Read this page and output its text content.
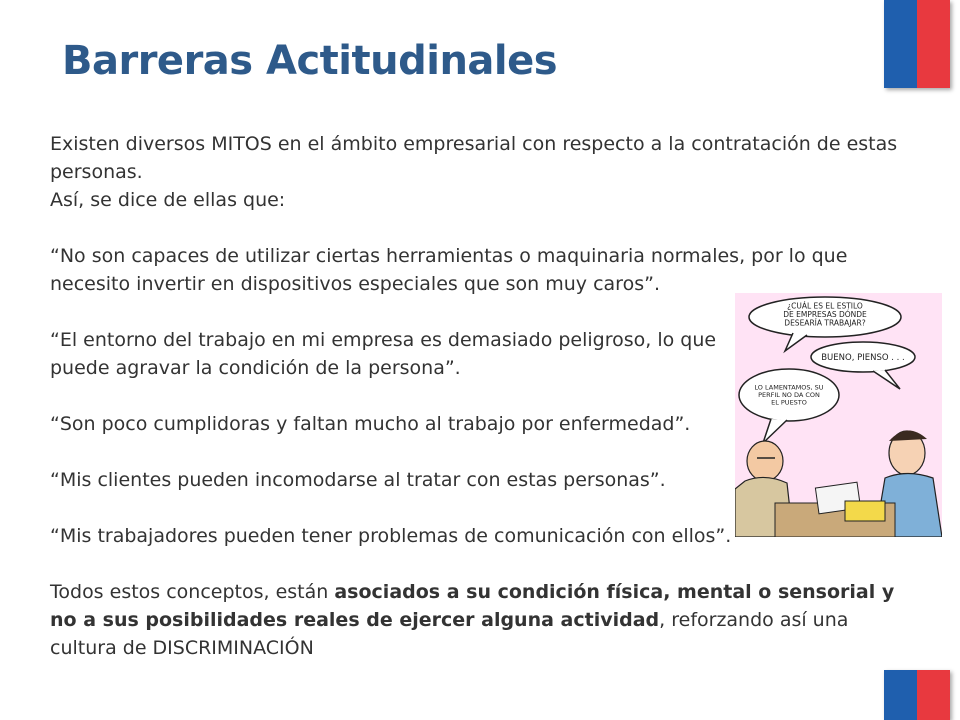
Barreras Actitudinales

Existen diversos MITOS en el ámbito empresarial con respecto a la contratación de estas personas.

Así, se dice de ellas que:

“No son capaces de utilizar ciertas herramientas o maquinaria normales, por lo que necesito invertir en dispositivos especiales que son muy caros”.

“El entorno del trabajo en mi empresa es demasiado peligroso, lo que
puede agravar la condición de la persona”.

“Son poco cumplidoras y faltan mucho al trabajo por enfermedad”.

“Mis clientes pueden incomodarse al tratar con estas personas”.

“Mis trabajadores pueden tener problemas de comunicación con ellos”.

Todos estos conceptos, están asociados a su condición física, mental o sensorial y no a sus posibilidades reales de ejercer alguna actividad, reforzando así una cultura de DISCRIMINACIÓN

¿CUÁL ES EL ESTILO DE EMPRESAS DÓNDE DESEARÍA TRABAJAR?
BUENO, PIENSO . . .
LO LAMENTAMOS, SU PERFIL NO DA CON EL PUESTO
